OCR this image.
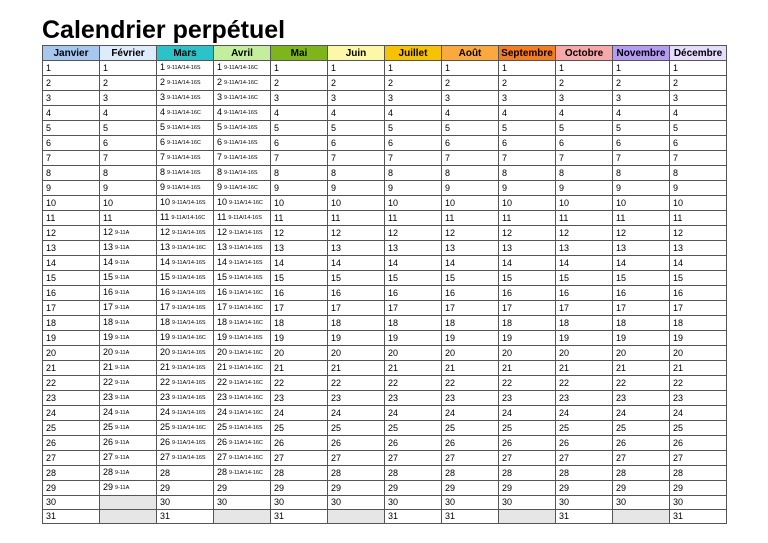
Calendrier perpétuel
Janvier	Février	Mars	Avril	Mai	Juin	Juillet	Août	Septembre	Octobre	Novembre	Décembre
1	1	1 9-11A/14-16S	1 9-11A/14-16C	1	1	1	1	1	1	1	1
2	2	2 9-11A/14-16S	2 9-11A/14-16C	2	2	2	2	2	2	2	2
3	3	3 9-11A/14-16S	3 9-11A/14-16C	3	3	3	3	3	3	3	3
4	4	4 9-11A/14-16C	4 9-11A/14-16S	4	4	4	4	4	4	4	4
5	5	5 9-11A/14-16S	5 9-11A/14-16S	5	5	5	5	5	5	5	5
6	6	6 9-11A/14-16C	6 9-11A/14-16S	6	6	6	6	6	6	6	6
7	7	7 9-11A/14-16S	7 9-11A/14-16S	7	7	7	7	7	7	7	7
8	8	8 9-11A/14-16S	8 9-11A/14-16S	8	8	8	8	8	8	8	8
9	9	9 9-11A/14-16S	9 9-11A/14-16C	9	9	9	9	9	9	9	9
10	10	10 9-11A/14-16S	10 9-11A/14-16C	10	10	10	10	10	10	10	10
11	11	11 9-11A/14-16C	11 9-11A/14-16S	11	11	11	11	11	11	11	11
12	12 9-11A	12 9-11A/14-16S	12 9-11A/14-16S	12	12	12	12	12	12	12	12
13	13 9-11A	13 9-11A/14-16C	13 9-11A/14-16S	13	13	13	13	13	13	13	13
14	14 9-11A	14 9-11A/14-16S	14 9-11A/14-16S	14	14	14	14	14	14	14	14
15	15 9-11A	15 9-11A/14-16S	15 9-11A/14-16S	15	15	15	15	15	15	15	15
16	16 9-11A	16 9-11A/14-16S	16 9-11A/14-16C	16	16	16	16	16	16	16	16
17	17 9-11A	17 9-11A/14-16S	17 9-11A/14-16C	17	17	17	17	17	17	17	17
18	18 9-11A	18 9-11A/14-16S	18 9-11A/14-16C	18	18	18	18	18	18	18	18
19	19 9-11A	19 9-11A/14-16C	19 9-11A/14-16S	19	19	19	19	19	19	19	19
20	20 9-11A	20 9-11A/14-16S	20 9-11A/14-16C	20	20	20	20	20	20	20	20
21	21 9-11A	21 9-11A/14-16S	21 9-11A/14-16C	21	21	21	21	21	21	21	21
22	22 9-11A	22 9-11A/14-16S	22 9-11A/14-16C	22	22	22	22	22	22	22	22
23	23 9-11A	23 9-11A/14-16S	23 9-11A/14-16C	23	23	23	23	23	23	23	23
24	24 9-11A	24 9-11A/14-16S	24 9-11A/14-16C	24	24	24	24	24	24	24	24
25	25 9-11A	25 9-11A/14-16C	25 9-11A/14-16S	25	25	25	25	25	25	25	25
26	26 9-11A	26 9-11A/14-16S	26 9-11A/14-16C	26	26	26	26	26	26	26	26
27	27 9-11A	27 9-11A/14-16S	27 9-11A/14-16C	27	27	27	27	27	27	27	27
28	28 9-11A	28	28 9-11A/14-16C	28	28	28	28	28	28	28	28
29	29 9-11A	29	29	29	29	29	29	29	29	29	29
30		30	30	30	30	30	30	30	30	30	30
31		31		31		31	31		31		31
